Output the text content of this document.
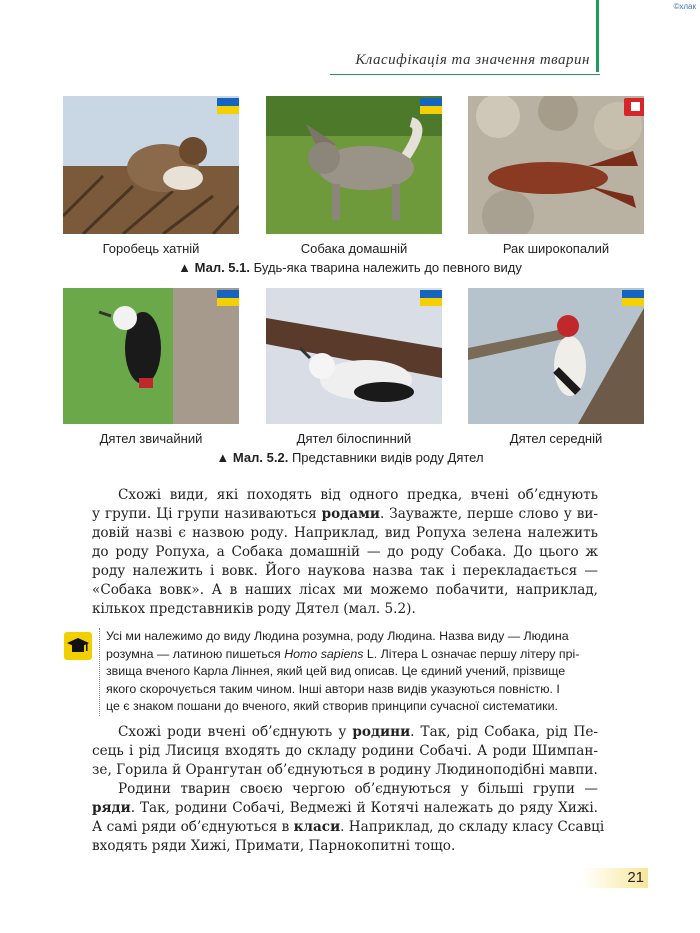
©хлак
Класифікація та значення тварин
Горобець хатній	Собака домашній	Рак широкопалий
▲ Мал. 5.1. Будь-яка тварина належить до певного виду
Дятел звичайний	Дятел білоспинний	Дятел середній
▲ Мал. 5.2. Представники видів роду Дятел
Схожі види, які походять від одного предка, вчені об’єднують
у групи. Ці групи називаються родами. Зауважте, перше слово у ви-
довій назві є назвою роду. Наприклад, вид Ропуха зелена належить
до роду Ропуха, а Собака домашній — до роду Собака. До цього ж
роду належить і вовк. Його наукова назва так і перекладається —
«Собака вовк». А в наших лісах ми можемо побачити, наприклад,
кількох представників роду Дятел (мал. 5.2).
Усі ми належимо до виду Людина розумна, роду Людина. Назва виду — Людина
розумна — латиною пишеться Homo sapiens L. Літера L означає першу літеру прі-
звища вченого Карла Ліннея, який цей вид описав. Це єдиний учений, прізвище
якого скорочується таким чином. Інші автори назв видів указуються повністю. І
це є знаком пошани до вченого, який створив принципи сучасної систематики.
Схожі роди вчені об’єднують у родини. Так, рід Собака, рід Пе-
сець і рід Лисиця входять до складу родини Собачі. А роди Шимпан-
зе, Горила й Орангутан об’єднуються в родину Людиноподібні мавпи.
Родини тварин своєю чергою об’єднуються у більші групи —
ряди. Так, родини Собачі, Ведмежі й Котячі належать до ряду Хижі.
А самі ряди об’єднуються в класи. Наприклад, до складу класу Ссавці
входять ряди Хижі, Примати, Парнокопитні тощо.
21
